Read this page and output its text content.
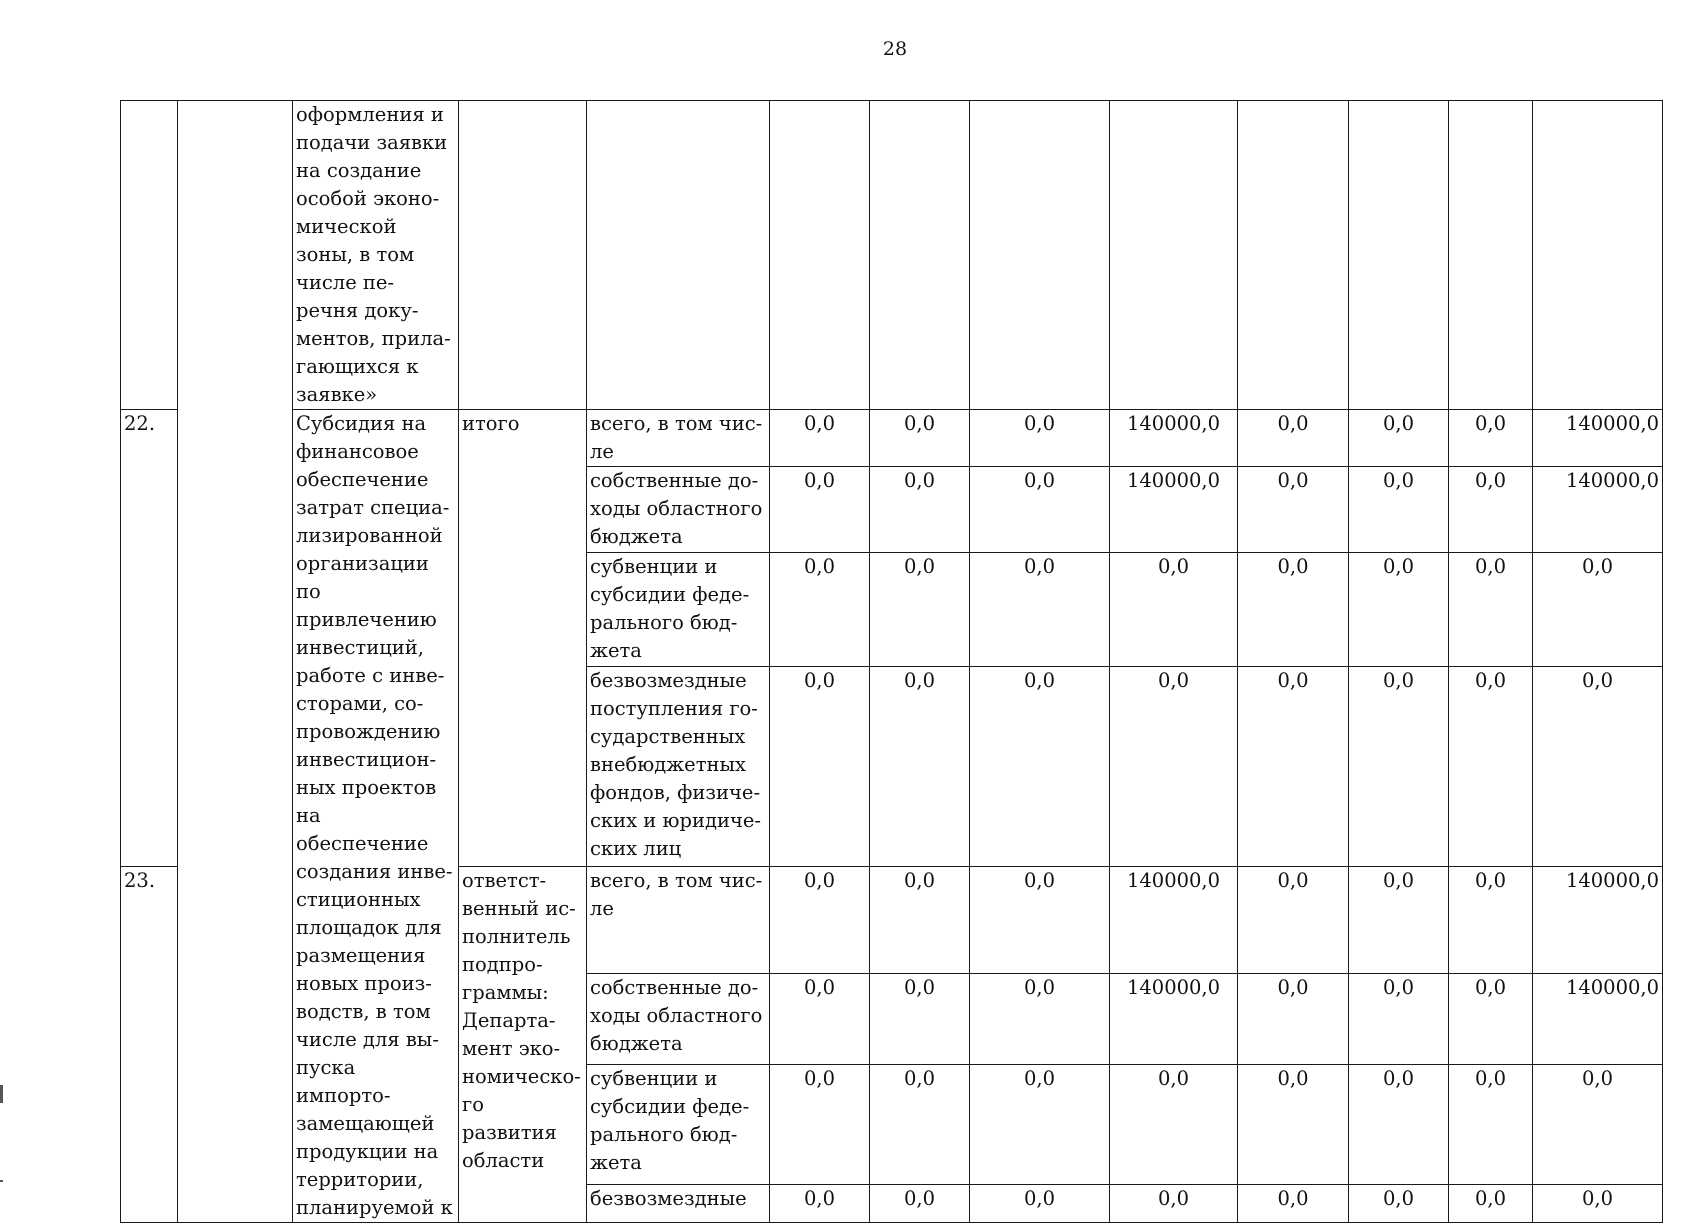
28
		оформления и подачи заявки на создание особой эконо-мической зоны, в том числе пе-речня доку-ментов, прила-гающихся к заявке»										
22.		Субсидия на финансовое обеспечение затрат специа-лизированной организации по привлечению инвестиций, работе с инве-сторами, со-провождению инвестицион-ных проектов на обеспечение создания инве-стиционных площадок для размещения новых произ-водств, в том числе для вы-пуска импорто-замещающей продукции на территории, планируемой к	итого	всего, в том чис-ле	0,0	0,0	0,0	140000,0	0,0	0,0	0,0	140000,0
				собственные до-ходы областного бюджета	0,0	0,0	0,0	140000,0	0,0	0,0	0,0	140000,0
				субвенции и субсидии феде-рального бюд-жета	0,0	0,0	0,0	0,0	0,0	0,0	0,0	0,0
				безвозмездные поступления го-сударственных внебюджетных фондов, физиче-ских и юридиче-ских лиц	0,0	0,0	0,0	0,0	0,0	0,0	0,0	0,0
23.			ответст-венный ис-полнитель подпро-граммы: Департа-мент эко-номическо-го развития области	всего, в том чис-ле	0,0	0,0	0,0	140000,0	0,0	0,0	0,0	140000,0
				собственные до-ходы областного бюджета	0,0	0,0	0,0	140000,0	0,0	0,0	0,0	140000,0
				субвенции и субсидии феде-рального бюд-жета	0,0	0,0	0,0	0,0	0,0	0,0	0,0	0,0
				безвозмездные	0,0	0,0	0,0	0,0	0,0	0,0	0,0	0,0
